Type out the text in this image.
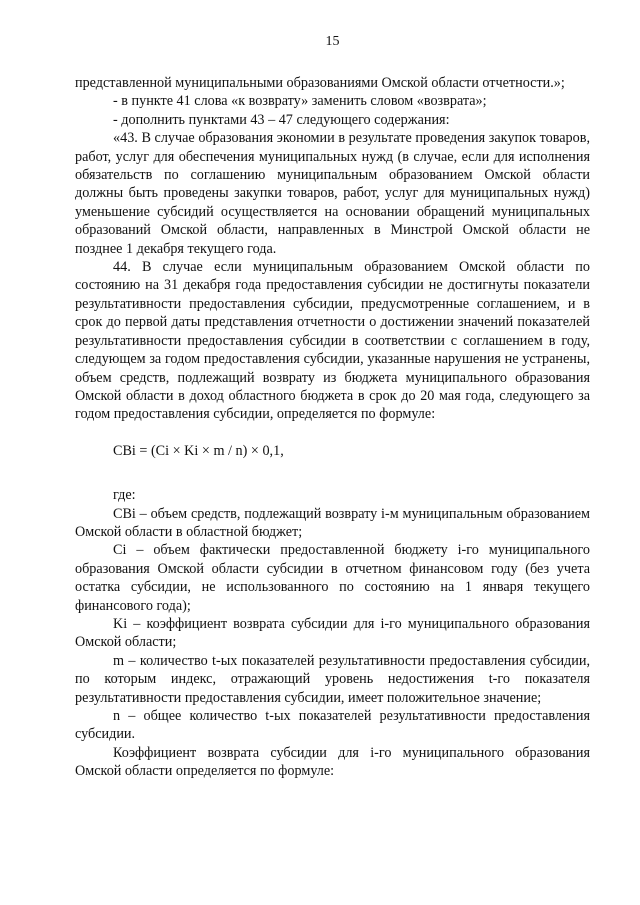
15

представленной муниципальными образованиями Омской области отчетности.»;

- в пункте 41 слова «к возврату» заменить словом «возврата»;

- дополнить пунктами 43 – 47 следующего содержания:

«43. В случае образования экономии в результате проведения закупок товаров, работ, услуг для обеспечения муниципальных нужд (в случае, если для исполнения обязательств по соглашению муниципальным образованием Омской области должны быть проведены закупки товаров, работ, услуг для муниципальных нужд) уменьшение субсидий осуществляется на основании обращений муниципальных образований Омской области, направленных в Минстрой Омской области не позднее 1 декабря текущего года.

44. В случае если муниципальным образованием Омской области по состоянию на 31 декабря года предоставления субсидии не достигнуты показатели результативности предоставления субсидии, предусмотренные соглашением, и в срок до первой даты представления отчетности о достижении значений показателей результативности предоставления субсидии в соответствии с соглашением в году, следующем за годом предоставления субсидии, указанные нарушения не устранены, объем средств, подлежащий возврату из бюджета муниципального образования Омской области в доход областного бюджета в срок до 20 мая года, следующего за годом предоставления субсидии, определяется по формуле:

СВi = (Ci × Ki × m / n) × 0,1,

где:

СВi – объем средств, подлежащий возврату i-м муниципальным образованием Омской области в областной бюджет;

Ci – объем фактически предоставленной бюджету i-го муниципального образования Омской области субсидии в отчетном финансовом году (без учета остатка субсидии, не использованного по состоянию на 1 января текущего финансового года);

Ki – коэффициент возврата субсидии для i-го муниципального образования Омской области;

m – количество t-ых показателей результативности предоставления субсидии, по которым индекс, отражающий уровень недостижения t-го показателя результативности предоставления субсидии, имеет положительное значение;

n – общее количество t-ых показателей результативности предоставления субсидии.

Коэффициент возврата субсидии для i-го муниципального образования Омской области определяется по формуле:
